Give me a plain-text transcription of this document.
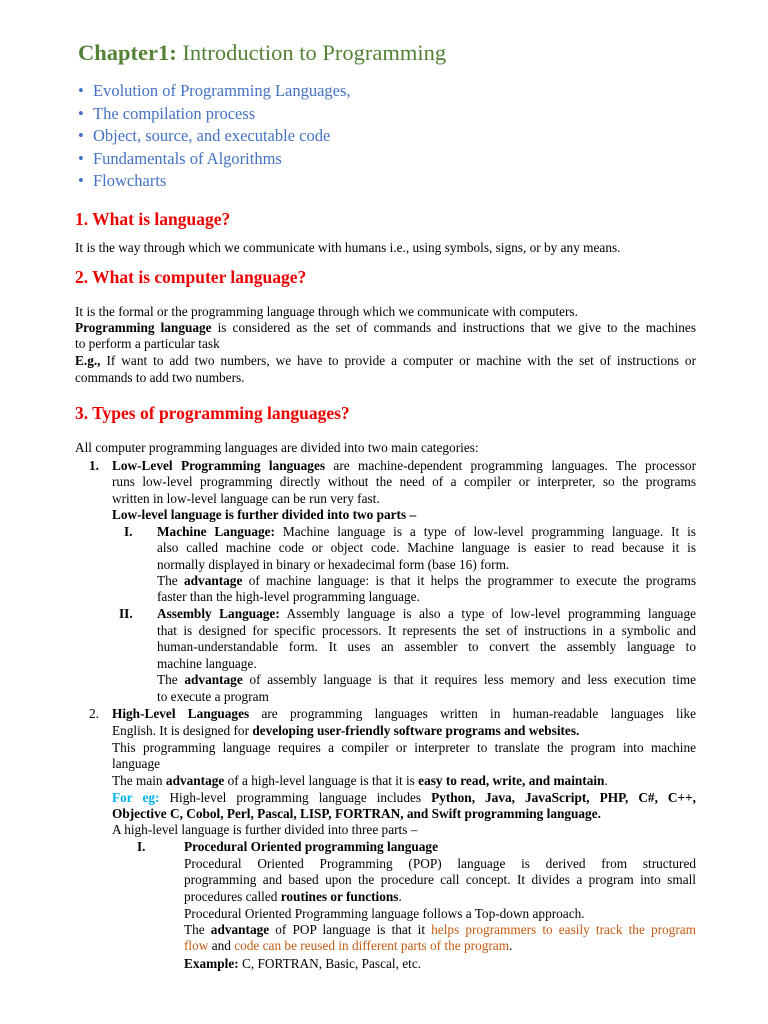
Chapter1: Introduction to Programming
• Evolution of Programming Languages,
• The compilation process
• Object, source, and executable code
• Fundamentals of Algorithms
• Flowcharts
1. What is language?

It is the way through which we communicate with humans i.e., using symbols, signs, or by any means.

2. What is computer language?

It is the formal or the programming language through which we communicate with computers.

Programming language is considered as the set of commands and instructions that we give to the machines

to perform a particular task

E.g., If want to add two numbers, we have to provide a computer or machine with the set of instructions or

commands to add two numbers.

3. Types of programming languages?

All computer programming languages are divided into two main categories:

1. Low-Level Programming languages are machine-dependent programming languages. The processor

runs low-level programming directly without the need of a compiler or interpreter, so the programs

written in low-level language can be run very fast.

Low-level language is further divided into two parts –

I. Machine Language: Machine language is a type of low-level programming language. It is

also called machine code or object code. Machine language is easier to read because it is

normally displayed in binary or hexadecimal form (base 16) form.

The advantage of machine language: is that it helps the programmer to execute the programs

faster than the high-level programming language.

II. Assembly Language: Assembly language is also a type of low-level programming language

that is designed for specific processors. It represents the set of instructions in a symbolic and

human-understandable form. It uses an assembler to convert the assembly language to

machine language.

The advantage of assembly language is that it requires less memory and less execution time

to execute a program

2. High-Level Languages are programming languages written in human-readable languages like

English. It is designed for developing user-friendly software programs and websites.

This programming language requires a compiler or interpreter to translate the program into machine

language

The main advantage of a high-level language is that it is easy to read, write, and maintain.

For eg: High-level programming language includes Python, Java, JavaScript, PHP, C#, C++,

Objective C, Cobol, Perl, Pascal, LISP, FORTRAN, and Swift programming language.

A high-level language is further divided into three parts –

I.	Procedural Oriented programming language

Procedural Oriented Programming (POP) language is derived from structured

programming and based upon the procedure call concept. It divides a program into small

procedures called routines or functions.

Procedural Oriented Programming language follows a Top-down approach.

The advantage of POP language is that it helps programmers to easily track the program

flow and code can be reused in different parts of the program.

Example: C, FORTRAN, Basic, Pascal, etc.
